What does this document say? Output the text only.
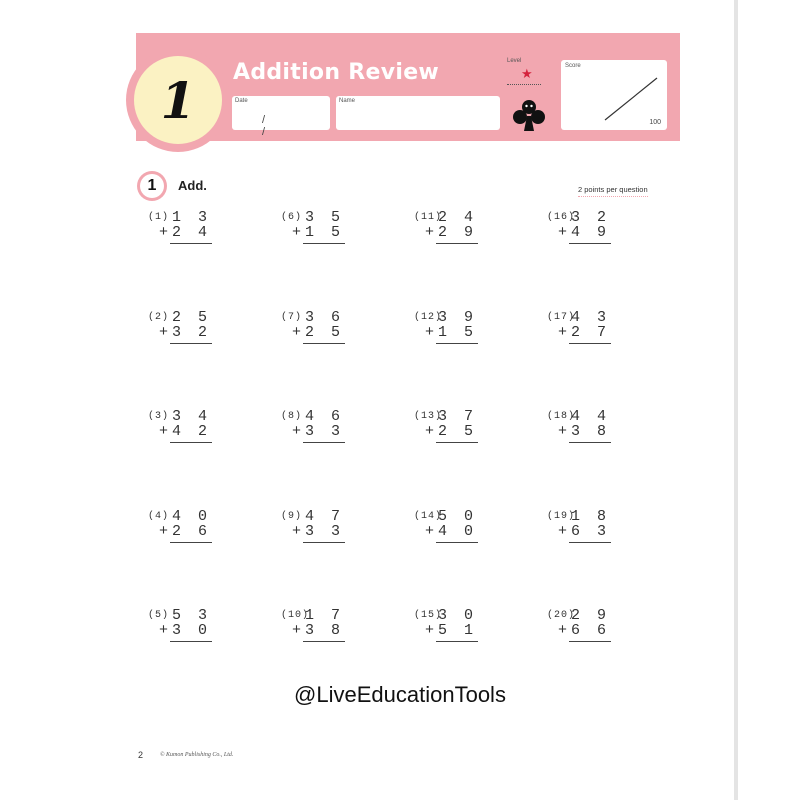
1	Addition Review
Date
/ /
Name
Level
★	Score
100
1	Add.	2 points per question
(1) 1 3
+2 4
(2) 2 5
+3 2
(3) 3 4
+4 2
(4) 4 0
+2 6
(5) 5 3
+3 0
(6) 3 5
+1 5
(7) 3 6
+2 5
(8) 4 6
+3 3
(9) 4 7
+3 3
(10)
1 7
+3 8
(11)
2 4
+2 9
(12)
3 9
+1 5
(13)
3 7
+2 5
(14)
5 0
+4 0
(15)
3 0
+5 1
(16)
3 2
+4 9
(17)
4 3
+2 7
(18)
4 4
+3 8
(19)
1 8
+6 3
(20)
2 9
+6 6
@LiveEducationTools
2	© Kumon Publishing Co., Ltd.
